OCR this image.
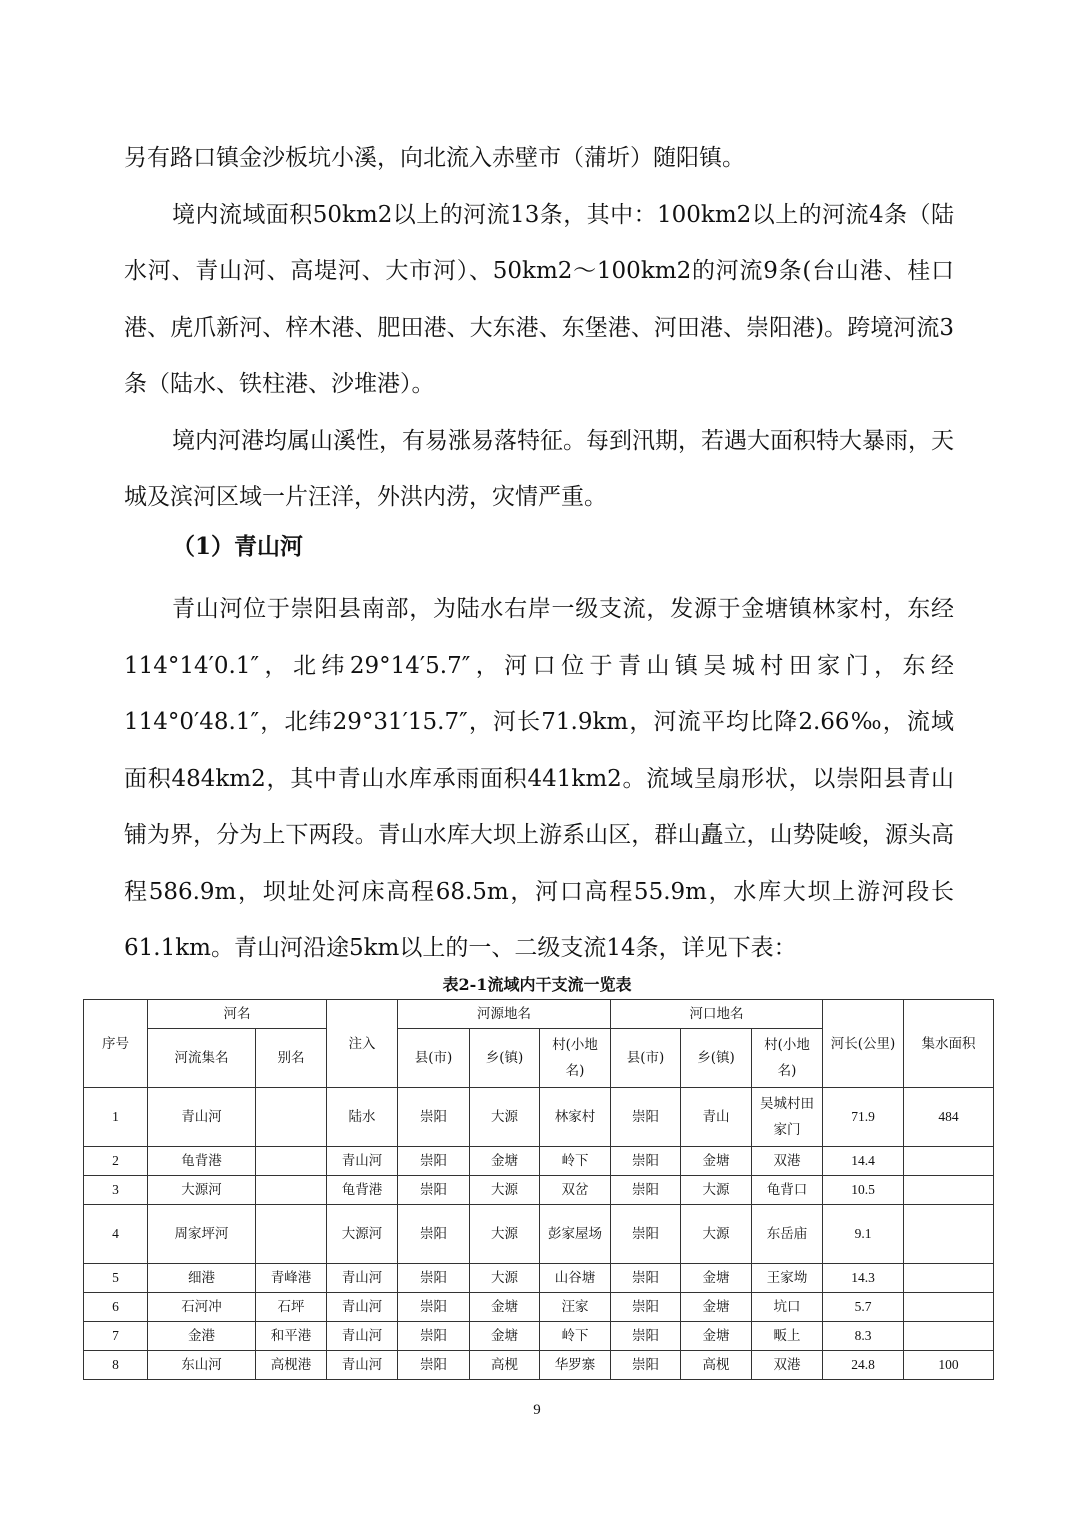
另有路口镇金沙板坑小溪，向北流入赤壁市（蒲圻）随阳镇。

境内流域面积50km2以上的河流13条，其中：100km2以上的河流4条（陆水河、青山河、高堤河、大市河）、50km2～100km2的河流9条(台山港、桂口港、虎爪新河、梓木港、肥田港、大东港、东堡港、河田港、崇阳港)。跨境河流3条（陆水、铁柱港、沙堆港）。

境内河港均属山溪性，有易涨易落特征。每到汛期，若遇大面积特大暴雨，天城及滨河区域一片汪洋，外洪内涝，灾情严重。

（1）青山河

青山河位于崇阳县南部，为陆水右岸一级支流，发源于金塘镇林家村，东经114°14′0.1″，北纬29°14′5.7″，河口位于青山镇吴城村田家门，东经114°0′48.1″，北纬29°31′15.7″，河长71.9km，河流平均比降2.66‰，流域面积484km2，其中青山水库承雨面积441km2。流域呈扇形状，以崇阳县青山铺为界，分为上下两段。青山水库大坝上游系山区，群山矗立，山势陡峻，源头高程586.9m，坝址处河床高程68.5m，河口高程55.9m，水库大坝上游河段长61.1km。青山河沿途5km以上的一、二级支流14条，详见下表：

表2-1流域内干支流一览表
序号	河名		注入	河源地名			河口地名			河长(公里)	集水面积
	河流集名	别名		县(市)	乡(镇)	村(小地名)	县(市)	乡(镇)	村(小地名)		
1	青山河		陆水	崇阳	大源	林家村	崇阳	青山	吴城村田家门	71.9	484
2	龟背港		青山河	崇阳	金塘	岭下	崇阳	金塘	双港	14.4	
3	大源河		龟背港	崇阳	大源	双岔	崇阳	大源	龟背口	10.5	
4	周家坪河		大源河	崇阳	大源	彭家屋场	崇阳	大源	东岳庙	9.1	
5	细港	青峰港	青山河	崇阳	大源	山谷塘	崇阳	金塘	王家坳	14.3	
6	石河冲	石坪	青山河	崇阳	金塘	汪家	崇阳	金塘	坑口	5.7	
7	金港	和平港	青山河	崇阳	金塘	岭下	崇阳	金塘	畈上	8.3	
8	东山河	高枧港	青山河	崇阳	高枧	华罗寨	崇阳	高枧	双港	24.8	100
9
